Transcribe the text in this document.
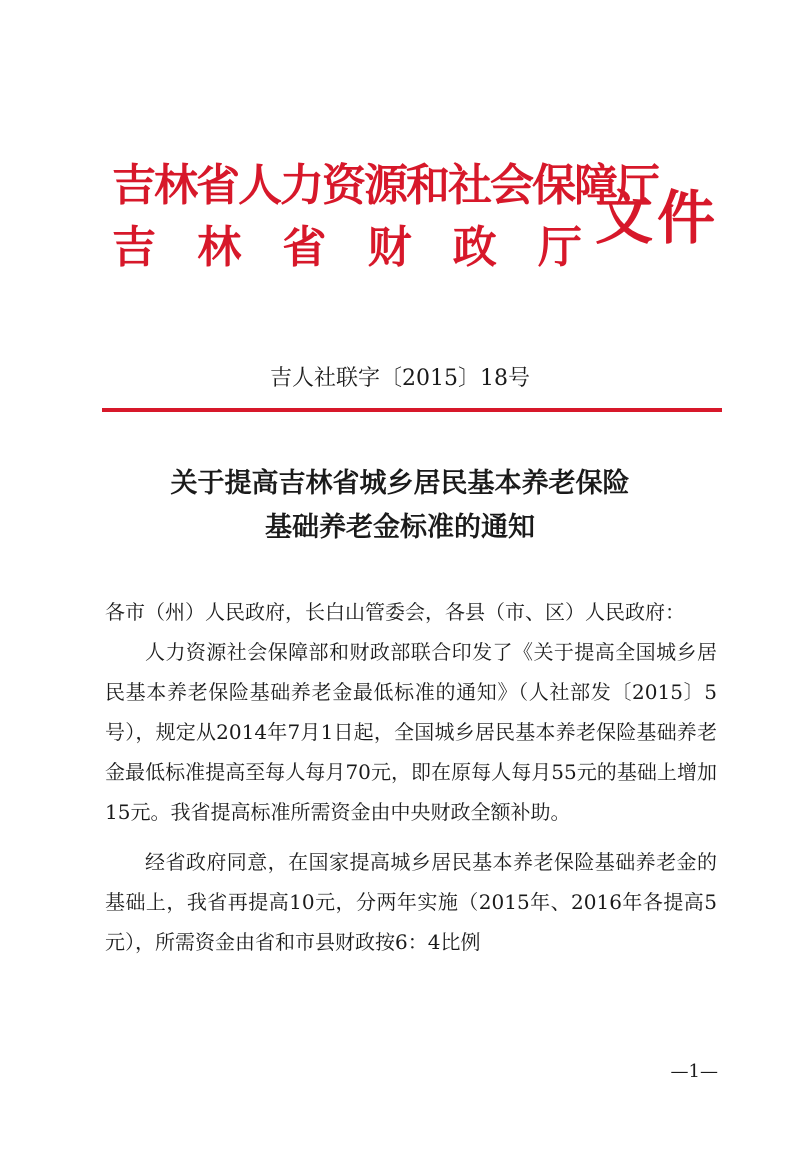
吉林省人力资源和社会保障厅
吉 林 省 财 政 厅 文件
吉人社联字〔2015〕18号
关于提高吉林省城乡居民基本养老保险
基础养老金标准的通知

各市（州）人民政府，长白山管委会，各县（市、区）人民政府：

人力资源社会保障部和财政部联合印发了《关于提高全国城乡居民基本养老保险基础养老金最低标准的通知》（人社部发〔2015〕5号），规定从2014年7月1日起，全国城乡居民基本养老保险基础养老金最低标准提高至每人每月70元，即在原每人每月55元的基础上增加15元。我省提高标准所需资金由中央财政全额补助。

经省政府同意，在国家提高城乡居民基本养老保险基础养老金的基础上，我省再提高10元，分两年实施（2015年、2016年各提高5元），所需资金由省和市县财政按6：4比例

—1—
